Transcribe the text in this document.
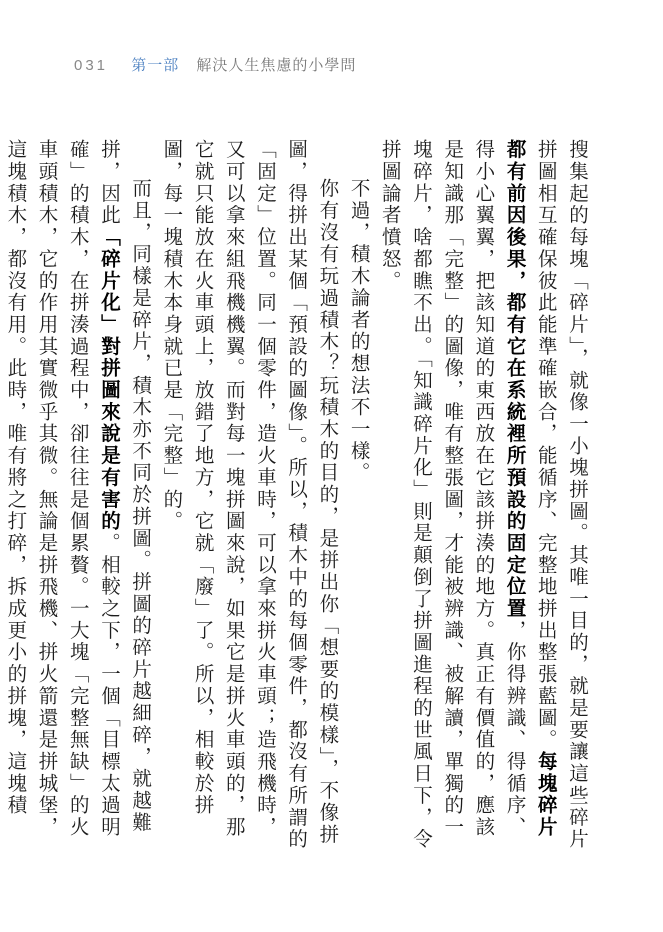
031 第一部 解決人生焦慮的小學問

搜集起的每塊「碎片」，就像一小塊拼圖。其唯一目的，就是要讓這些碎片拼圖相互確保彼此能準確嵌合，能循序、完整地拼出整張藍圖。每塊碎片都有前因後果，都有它在系統裡所預設的固定位置，你得辨識、得循序、得小心翼翼，把該知道的東西放在它該拼湊的地方。真正有價值的，應該是知識那「完整」的圖像，唯有整張圖，才能被辨識、被解讀，單獨的一塊碎片，啥都瞧不出。「知識碎片化」則是顛倒了拼圖進程的世風日下，令拼圖論者憤怒。

不過，積木論者的想法不一樣。

你有沒有玩過積木？玩積木的目的，是拼出你「想要的模樣」，不像拼圖，得拼出某個「預設的圖像」。所以，積木中的每個零件，都沒有所謂的「固定」位置。同一個零件，造火車時，可以拿來拼火車頭；造飛機時，又可以拿來組飛機機翼。而對每一塊拼圖來說，如果它是拼火車頭的，那它就只能放在火車頭上，放錯了地方，它就「廢」了。所以，相較於拼圖，每一塊積木本身就已是「完整」的。

而且，同樣是碎片，積木亦不同於拼圖。拼圖的碎片越細碎，就越難拼，因此「碎片化」對拼圖來說是有害的。相較之下，一個「目標太過明確」的積木，在拼湊過程中，卻往往是個累贅。一大塊「完整無缺」的火車頭積木，它的作用其實微乎其微。無論是拼飛機、拼火箭還是拼城堡，這塊積木，都沒有用。此時，唯有將之打碎，拆成更小的拼塊，這塊積
